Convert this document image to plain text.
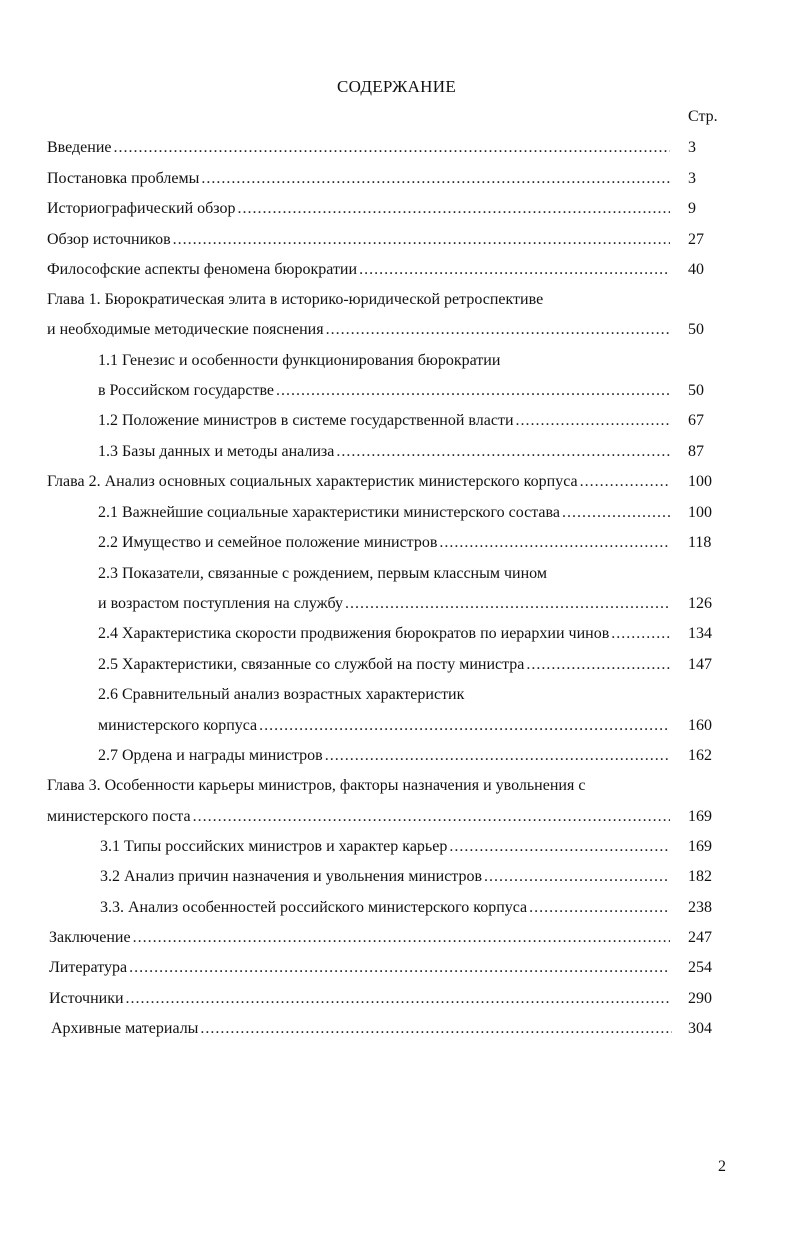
СОДЕРЖАНИЕ
Стр.
Введение .....	3
Постановка проблемы .....	3
Историографический обзор .....	9
Обзор источников .....	27
Философские аспекты феномена бюрократии .....	40
Глава 1. Бюрократическая элита в историко-юридической ретроспективе
и необходимые методические пояснения .....	50
1.1 Генезис и особенности функционирования бюрократии
в Российском государстве .....	50
1.2 Положение министров в системе государственной власти .....	67
1.3 Базы данных и методы анализа .....	87
Глава 2. Анализ основных социальных характеристик министерского корпуса .....	100
2.1 Важнейшие социальные характеристики министерского состава .....	100
2.2 Имущество и семейное положение министров .....	118
2.3 Показатели, связанные с рождением, первым классным чином
и возрастом поступления на службу .....	126
2.4 Характеристика скорости продвижения бюрократов по иерархии чинов .....	134
2.5 Характеристики, связанные со службой на посту министра .....	147
2.6 Сравнительный анализ возрастных характеристик
министерского корпуса .....	160
2.7 Ордена и награды министров .....	162
Глава 3. Особенности карьеры министров, факторы назначения и увольнения с
министерского поста .....	169
3.1 Типы российских министров и характер карьер .....	169
3.2 Анализ причин назначения и увольнения министров .....	182
3.3. Анализ особенностей российского министерского корпуса .....	238
Заключение .....	247
Литература .....	254
Источники .....	290
Архивные материалы .....	304
2
